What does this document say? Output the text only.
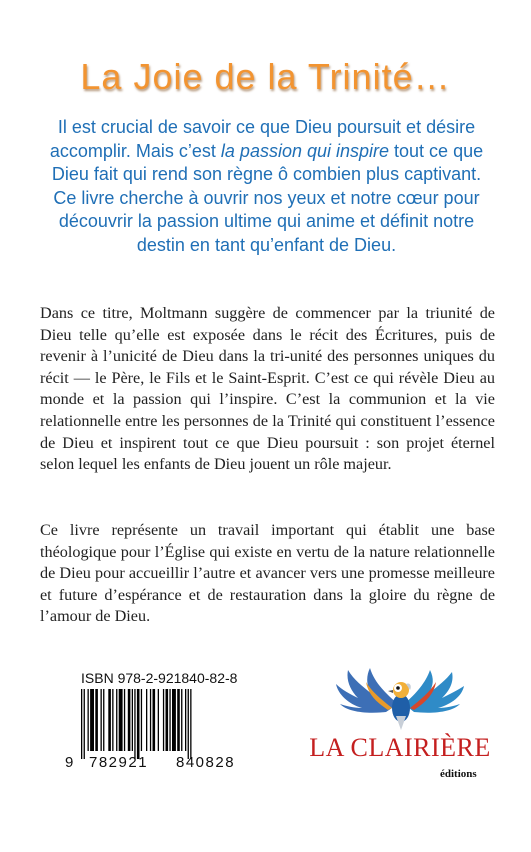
La Joie de la Trinité…

Il est crucial de savoir ce que Dieu poursuit et désire accomplir. Mais c’est la passion qui inspire tout ce que Dieu fait qui rend son règne ô combien plus captivant. Ce livre cherche à ouvrir nos yeux et notre cœur pour découvrir la passion ultime qui anime et définit notre destin en tant qu’enfant de Dieu.

Dans ce titre, Moltmann suggère de commencer par la triunité de Dieu telle qu’elle est exposée dans le récit des Écritures, puis de revenir à l’unicité de Dieu dans la tri-unité des personnes uniques du récit — le Père, le Fils et le Saint-Esprit. C’est ce qui révèle Dieu au monde et la passion qui l’inspire. C’est la communion et la vie relationnelle entre les personnes de la Trinité qui constituent l’essence de Dieu et inspirent tout ce que Dieu poursuit : son projet éternel selon lequel les enfants de Dieu jouent un rôle majeur.

Ce livre représente un travail important qui établit une base théologique pour l’Église qui existe en vertu de la nature relationnelle de Dieu pour accueillir l’autre et avancer vers une promesse meilleure et future d’espérance et de restauration dans la gloire du règne de l’amour de Dieu.

ISBN 978-2-921840-82-8
9 782921 840828
LA CLAIRIÈRE
éditions
